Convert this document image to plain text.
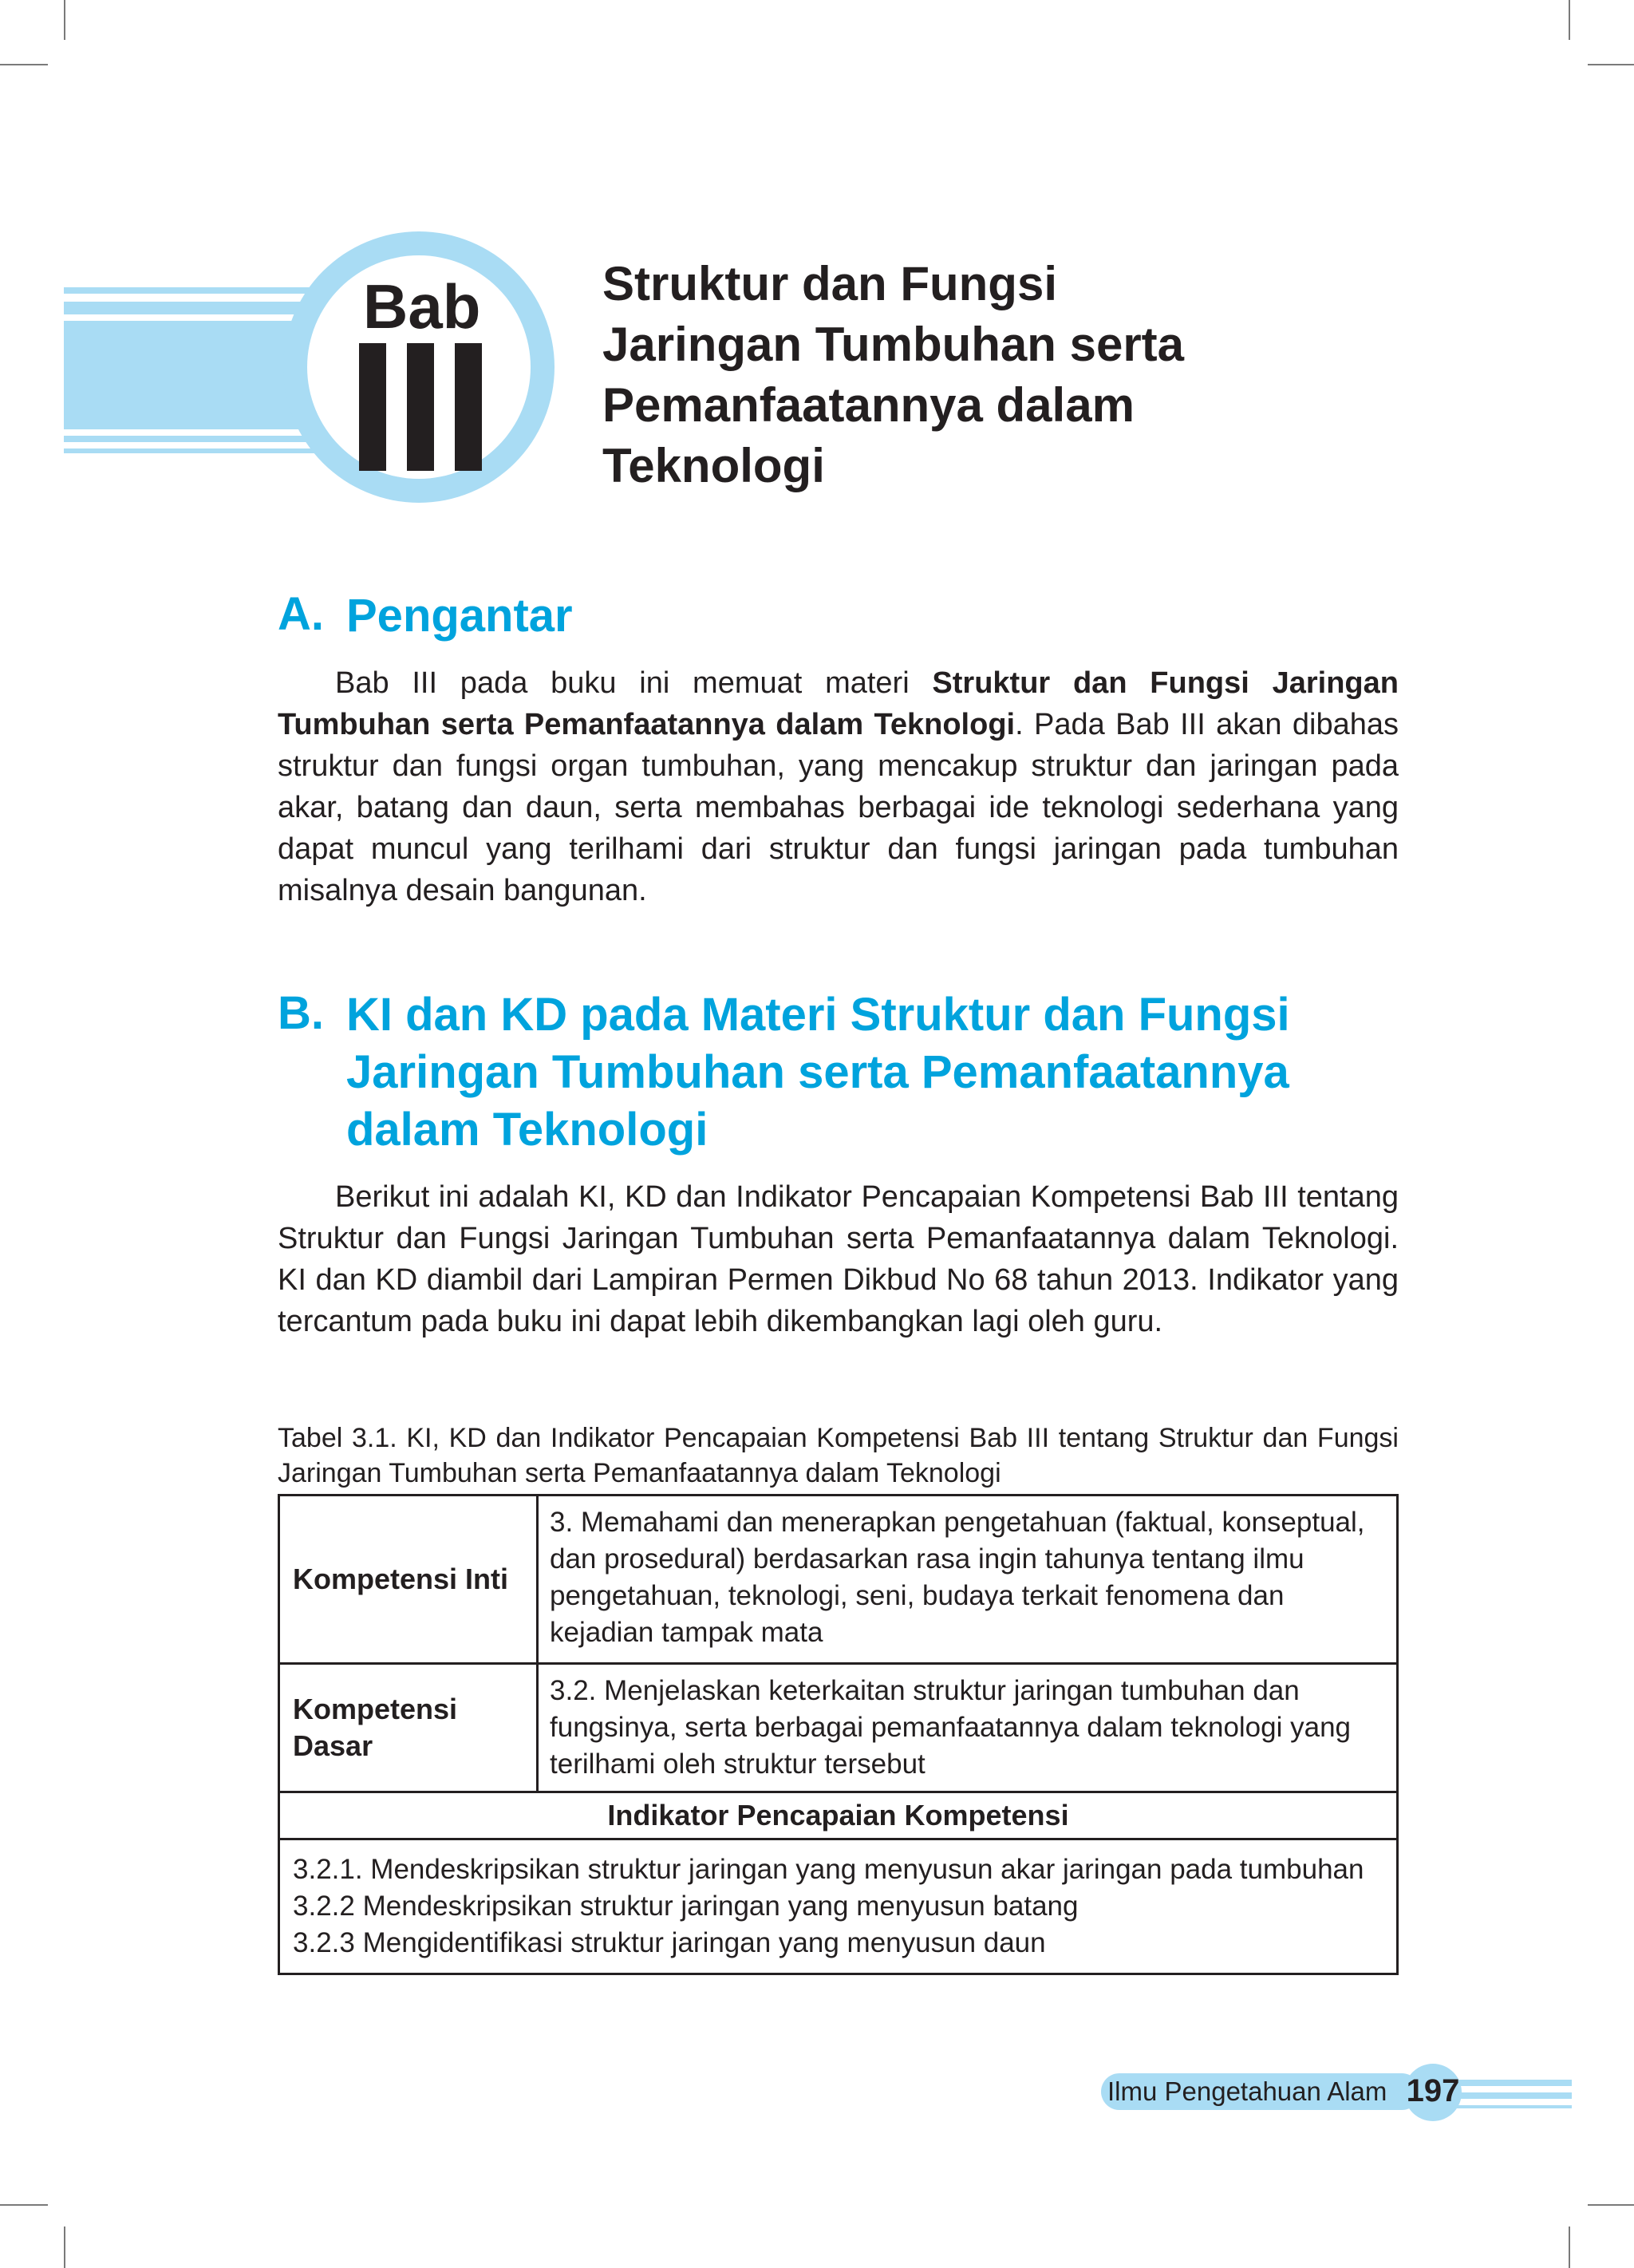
Bab	Struktur dan Fungsi
Jaringan Tumbuhan serta
Pemanfaatannya dalam
Teknologi
A. Pengantar

Bab III pada buku ini memuat materi Struktur dan Fungsi Jaringan Tumbuhan serta Pemanfaatannya dalam Teknologi. Pada Bab III akan dibahas struktur dan fungsi organ tumbuhan, yang mencakup struktur dan jaringan pada akar, batang dan daun, serta membahas berbagai ide teknologi sederhana yang dapat muncul yang terilhami dari struktur dan fungsi jaringan pada tumbuhan misalnya desain bangunan.

B. KI dan KD pada Materi Struktur dan Fungsi
Jaringan Tumbuhan serta Pemanfaatannya
dalam Teknologi

Berikut ini adalah KI, KD dan Indikator Pencapaian Kompetensi Bab III tentang Struktur dan Fungsi Jaringan Tumbuhan serta Pemanfaatannya dalam Teknologi. KI dan KD diambil dari Lampiran Permen Dikbud No 68 tahun 2013. Indikator yang tercantum pada buku ini dapat lebih dikembangkan lagi oleh guru.

Tabel 3.1. KI, KD dan Indikator Pencapaian Kompetensi Bab III tentang Struktur dan Fungsi Jaringan Tumbuhan serta Pemanfaatannya dalam Teknologi

Kompetensi Inti
3. Memahami dan menerapkan pengetahuan (faktual, konseptual, dan prosedural) berdasarkan rasa ingin tahunya tentang ilmu pengetahuan, teknologi, seni, budaya terkait fenomena dan kejadian tampak mata
Kompetensi Dasar
3.2. Menjelaskan keterkaitan struktur jaringan tumbuhan dan fungsinya, serta berbagai pemanfaatannya dalam teknologi yang terilhami oleh struktur tersebut
Indikator Pencapaian Kompetensi
3.2.1. Mendeskripsikan struktur jaringan yang menyusun akar jaringan pada tumbuhan
3.2.2 Mendeskripsikan struktur jaringan yang menyusun batang
3.2.3 Mengidentifikasi struktur jaringan yang menyusun daun
Ilmu Pengetahuan Alam 197
